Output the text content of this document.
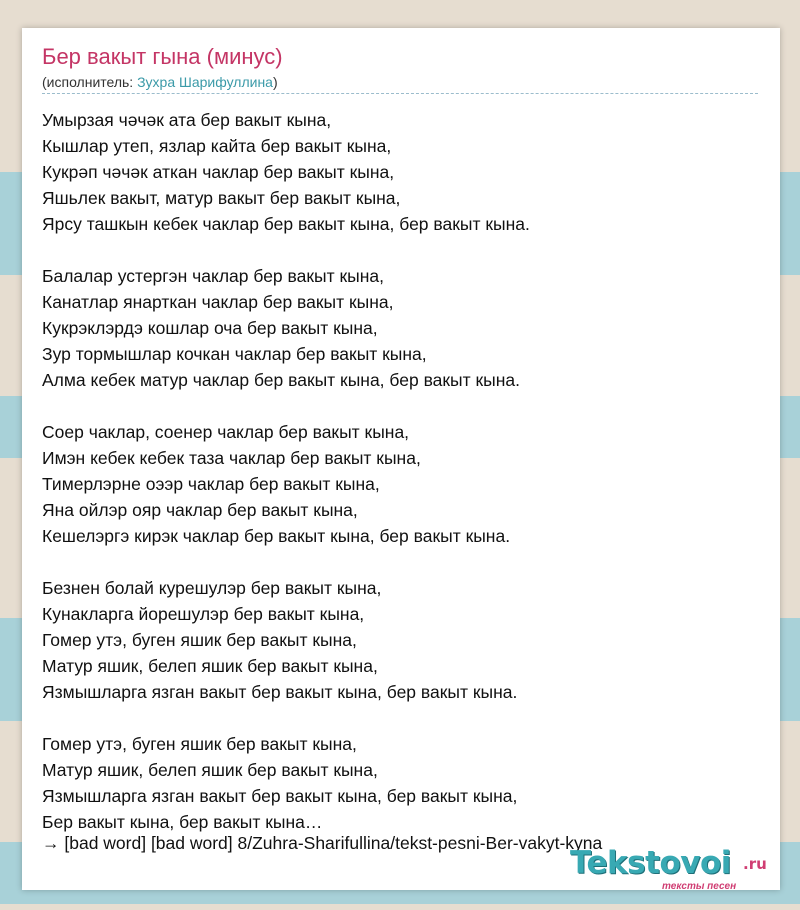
Бер вакыт гына (минус)
(исполнитель: Зухра Шарифуллина)
Умырзая чәчәк ата бер вакыт кына,
Кышлар утеп, язлар кайта бер вакыт кына,
Кукрәп чәчәк аткан чаклар бер вакыт кына,
Яшьлек вакыт, матур вакыт бер вакыт кына,
Ярсу ташкын кебек чаклар бер вакыт кына, бер вакыт кына.
Балалар устергэн чаклар бер вакыт кына,
Канатлар янарткан чаклар бер вакыт кына,
Кукрэклэрдэ кошлар оча бер вакыт кына,
Зур тормышлар кочкан чаклар бер вакыт кына,
Алма кебек матур чаклар бер вакыт кына, бер вакыт кына.
Соер чаклар, соенер чаклар бер вакыт кына,
Имэн кебек кебек таза чаклар бер вакыт кына,
Тимерлэрне оээр чаклар бер вакыт кына,
Яна ойлэр ояр чаклар бер вакыт кына,
Кешелэргэ кирэк чаклар бер вакыт кына, бер вакыт кына.
Безнен болай курешулэр бер вакыт кына,
Кунакларга йорешулэр бер вакыт кына,
Гомер утэ, буген яшик бер вакыт кына,
Матур яшик, белеп яшик бер вакыт кына,
Язмышларга язган вакыт бер вакыт кына, бер вакыт кына.
Гомер утэ, буген яшик бер вакыт кына,
Матур яшик, белеп яшик бер вакыт кына,
Язмышларга язган вакыт бер вакыт кына, бер вакыт кына,
Бер вакыт кына, бер вакыт кына…
→ [bad word] [bad word] 8/Zuhra-Sharifullina/tekst-pesni-Ber-vakyt-kyna
Tekstovoi .ru
тексты песен
